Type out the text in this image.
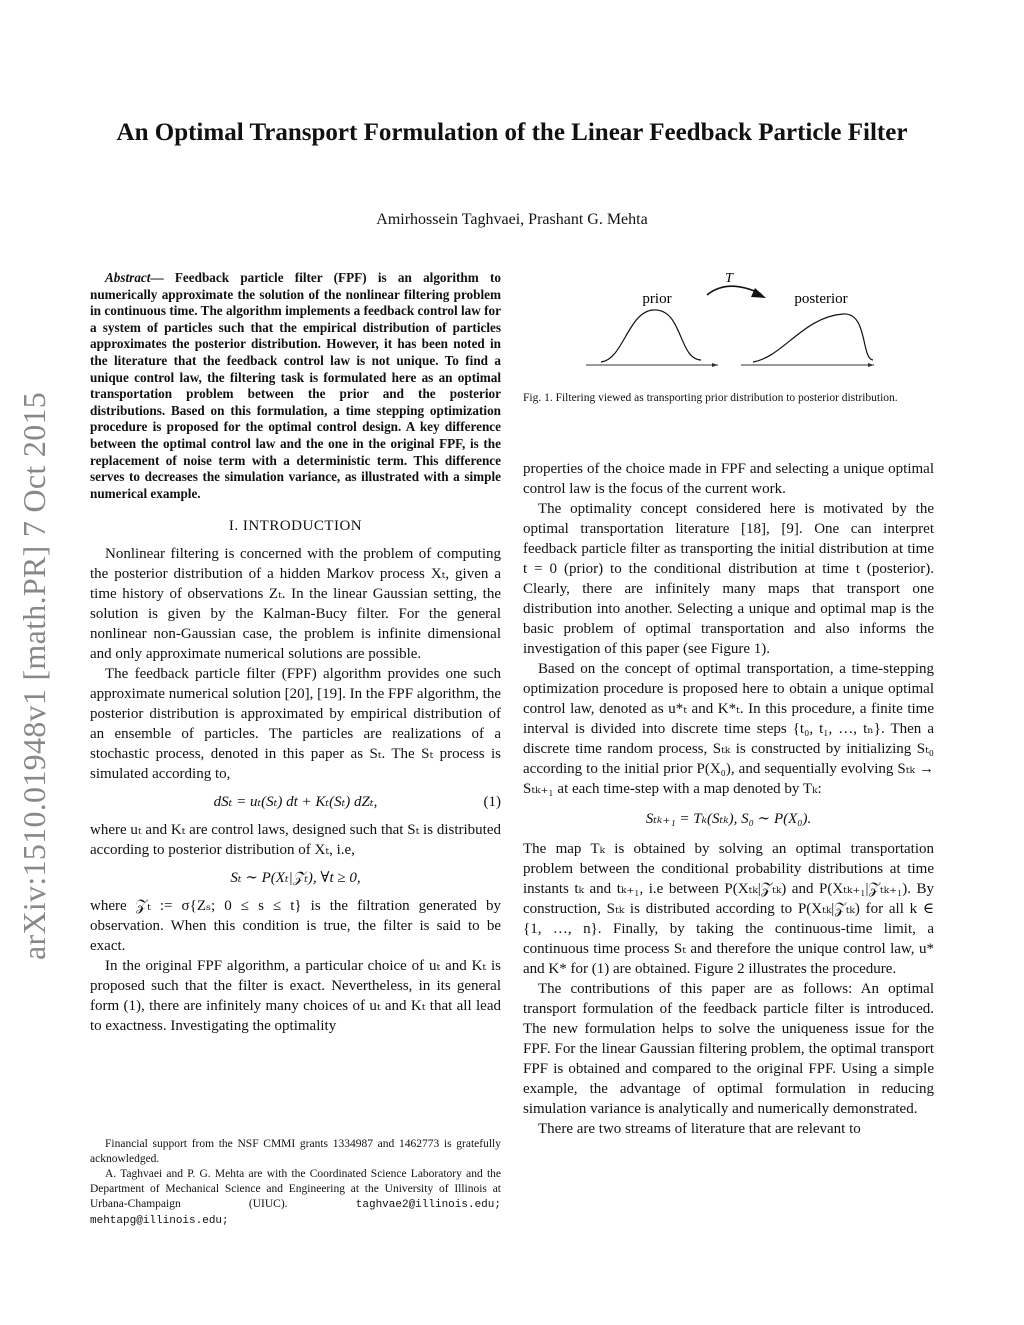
An Optimal Transport Formulation of the Linear Feedback Particle Filter
Amirhossein Taghvaei, Prashant G. Mehta
arXiv:1510.01948v1 [math.PR] 7 Oct 2015

Abstract— Feedback particle filter (FPF) is an algorithm to numerically approximate the solution of the nonlinear filtering problem in continuous time. The algorithm implements a feedback control law for a system of particles such that the empirical distribution of particles approximates the posterior distribution. However, it has been noted in the literature that the feedback control law is not unique. To find a unique control law, the filtering task is formulated here as an optimal transportation problem between the prior and the posterior distributions. Based on this formulation, a time stepping optimization procedure is proposed for the optimal control design. A key difference between the optimal control law and the one in the original FPF, is the replacement of noise term with a deterministic term. This difference serves to decreases the simulation variance, as illustrated with a simple numerical example.

I. INTRODUCTION

Nonlinear filtering is concerned with the problem of computing the posterior distribution of a hidden Markov process Xₜ, given a time history of observations Zₜ. In the linear Gaussian setting, the solution is given by the Kalman-Bucy filter. For the general nonlinear non-Gaussian case, the problem is infinite dimensional and only approximate numerical solutions are possible.

The feedback particle filter (FPF) algorithm provides one such approximate numerical solution [20], [19]. In the FPF algorithm, the posterior distribution is approximated by empirical distribution of an ensemble of particles. The particles are realizations of a stochastic process, denoted in this paper as Sₜ. The Sₜ process is simulated according to,

dSₜ = uₜ(Sₜ) dt + Kₜ(Sₜ) dZₜ,	(1)

where uₜ and Kₜ are control laws, designed such that Sₜ is distributed according to posterior distribution of Xₜ, i.e,

Sₜ ∼ P(Xₜ|𝒵ₜ), ∀t ≥ 0,

where 𝒵ₜ := σ{Zₛ; 0 ≤ s ≤ t} is the filtration generated by observation. When this condition is true, the filter is said to be exact.

In the original FPF algorithm, a particular choice of uₜ and Kₜ is proposed such that the filter is exact. Nevertheless, in its general form (1), there are infinitely many choices of uₜ and Kₜ that all lead to exactness. Investigating the optimality

Financial support from the NSF CMMI grants 1334987 and 1462773 is gratefully acknowledged.

A. Taghvaei and P. G. Mehta are with the Coordinated Science Laboratory and the Department of Mechanical Science and Engineering at the University of Illinois at Urbana-Champaign (UIUC).	taghvae2@illinois.edu; mehtapg@illinois.edu;

T
prior	posterior
Fig. 1. Filtering viewed as transporting prior distribution to posterior distribution.

properties of the choice made in FPF and selecting a unique optimal control law is the focus of the current work.

The optimality concept considered here is motivated by the optimal transportation literature [18], [9]. One can interpret feedback particle filter as transporting the initial distribution at time t = 0 (prior) to the conditional distribution at time t (posterior). Clearly, there are infinitely many maps that transport one distribution into another. Selecting a unique and optimal map is the basic problem of optimal transportation and also informs the investigation of this paper (see Figure 1).

Based on the concept of optimal transportation, a time-stepping optimization procedure is proposed here to obtain a unique optimal control law, denoted as u*ₜ and K*ₜ. In this procedure, a finite time interval is divided into discrete time steps {t₀, t₁, …, tₙ}. Then a discrete time random process, Sₜₖ is constructed by initializing Sₜ₀ according to the initial prior P(X₀), and sequentially evolving Sₜₖ → Sₜₖ₊₁ at each time-step with a map denoted by Tₖ:

Sₜₖ₊₁ = Tₖ(Sₜₖ), S₀ ∼ P(X₀).

The map Tₖ is obtained by solving an optimal transportation problem between the conditional probability distributions at time instants tₖ and tₖ₊₁, i.e between P(Xₜₖ|𝒵ₜₖ) and P(Xₜₖ₊₁|𝒵ₜₖ₊₁). By construction, Sₜₖ is distributed according to P(Xₜₖ|𝒵ₜₖ) for all k ∈ {1, …, n}. Finally, by taking the continuous-time limit, a continuous time process Sₜ and therefore the unique control law, u* and K* for (1) are obtained. Figure 2 illustrates the procedure.

The contributions of this paper are as follows: An optimal transport formulation of the feedback particle filter is introduced. The new formulation helps to solve the uniqueness issue for the FPF. For the linear Gaussian filtering problem, the optimal transport FPF is obtained and compared to the original FPF. Using a simple example, the advantage of optimal formulation in reducing simulation variance is analytically and numerically demonstrated.

There are two streams of literature that are relevant to
